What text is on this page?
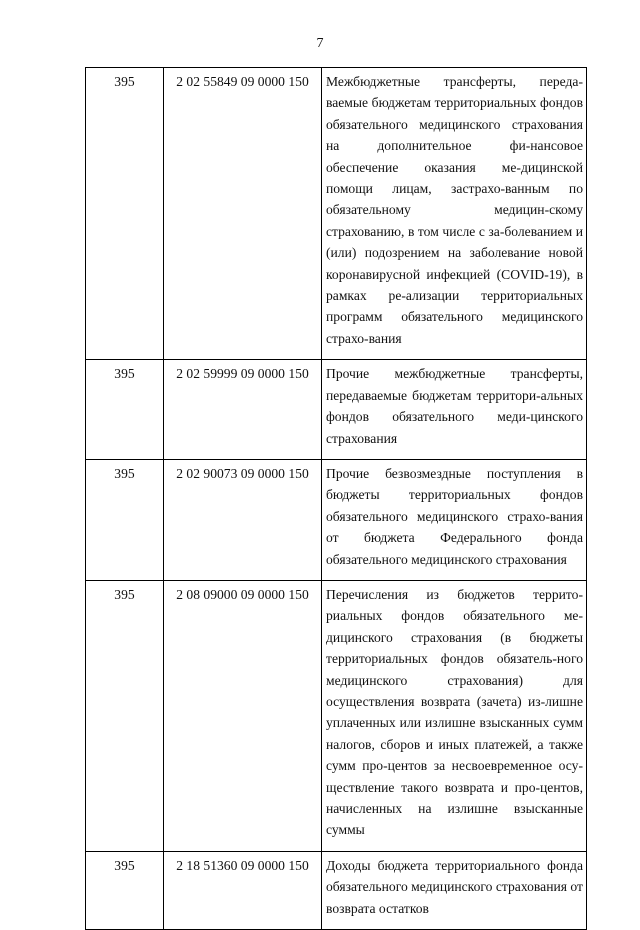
7
395	2 02 55849 09 0000 150	Межбюджетные трансферты, переда-ваемые бюджетам территориальных фондов обязательного медицинского страхования на дополнительное фи-нансовое обеспечение оказания ме-дицинской помощи лицам, застрахо-ванным по обязательному медицин-скому страхованию, в том числе с за-болеванием и (или) подозрением на заболевание новой коронавирусной инфекцией (COVID-19), в рамках ре-ализации территориальных программ обязательного медицинского страхо-вания

395	2 02 59999 09 0000 150	Прочие межбюджетные трансферты, передаваемые бюджетам территори-альных фондов обязательного меди-цинского страхования

395	2 02 90073 09 0000 150	Прочие безвозмездные поступления в бюджеты территориальных фондов обязательного медицинского страхо-вания от бюджета Федерального фонда обязательного медицинского страхования

395	2 08 09000 09 0000 150	Перечисления из бюджетов террито-риальных фондов обязательного ме-дицинского страхования (в бюджеты территориальных фондов обязатель-ного медицинского страхования) для осуществления возврата (зачета) из-лишне уплаченных или излишне взысканных сумм налогов, сборов и иных платежей, а также сумм про-центов за несвоевременное осу-ществление такого возврата и про-центов, начисленных на излишне взысканные суммы

395	2 18 51360 09 0000 150	Доходы бюджета территориального фонда обязательного медицинского страхования от возврата остатков
